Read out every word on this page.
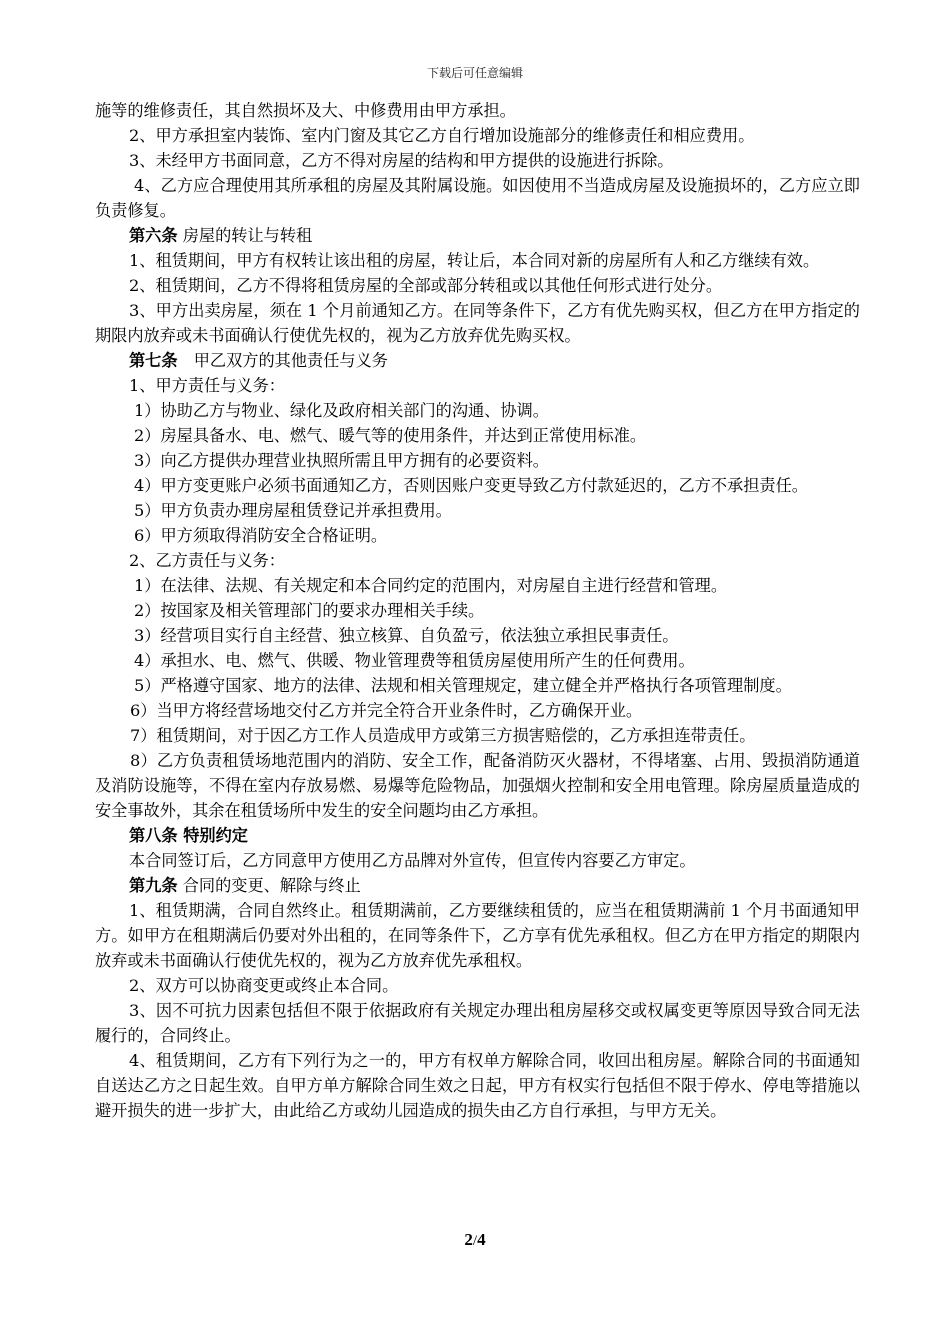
下载后可任意编辑

施等的维修责任，其自然损坏及大、中修费用由甲方承担。

2、甲方承担室内装饰、室内门窗及其它乙方自行增加设施部分的维修责任和相应费用。

3、未经甲方书面同意，乙方不得对房屋的结构和甲方提供的设施进行拆除。

4、乙方应合理使用其所承租的房屋及其附属设施。如因使用不当造成房屋及设施损坏的，乙方应立即负责修复。

第六条 房屋的转让与转租

1、租赁期间，甲方有权转让该出租的房屋，转让后，本合同对新的房屋所有人和乙方继续有效。

2、租赁期间，乙方不得将租赁房屋的全部或部分转租或以其他任何形式进行处分。

3、甲方出卖房屋，须在 1 个月前通知乙方。在同等条件下，乙方有优先购买权，但乙方在甲方指定的期限内放弃或未书面确认行使优先权的，视为乙方放弃优先购买权。

第七条　甲乙双方的其他责任与义务

1、甲方责任与义务：

1）协助乙方与物业、绿化及政府相关部门的沟通、协调。

2）房屋具备水、电、燃气、暖气等的使用条件，并达到正常使用标准。

3）向乙方提供办理营业执照所需且甲方拥有的必要资料。

4）甲方变更账户必须书面通知乙方，否则因账户变更导致乙方付款延迟的，乙方不承担责任。

5）甲方负责办理房屋租赁登记并承担费用。

6）甲方须取得消防安全合格证明。

2、乙方责任与义务：

1）在法律、法规、有关规定和本合同约定的范围内，对房屋自主进行经营和管理。

2）按国家及相关管理部门的要求办理相关手续。

3）经营项目实行自主经营、独立核算、自负盈亏，依法独立承担民事责任。

4）承担水、电、燃气、供暖、物业管理费等租赁房屋使用所产生的任何费用。

5）严格遵守国家、地方的法律、法规和相关管理规定，建立健全并严格执行各项管理制度。

6）当甲方将经营场地交付乙方并完全符合开业条件时，乙方确保开业。

7）租赁期间，对于因乙方工作人员造成甲方或第三方损害赔偿的，乙方承担连带责任。

8）乙方负责租赁场地范围内的消防、安全工作，配备消防灭火器材，不得堵塞、占用、毁损消防通道及消防设施等，不得在室内存放易燃、易爆等危险物品，加强烟火控制和安全用电管理。除房屋质量造成的安全事故外，其余在租赁场所中发生的安全问题均由乙方承担。

第八条 特别约定

本合同签订后，乙方同意甲方使用乙方品牌对外宣传，但宣传内容要乙方审定。

第九条 合同的变更、解除与终止

1、租赁期满，合同自然终止。租赁期满前，乙方要继续租赁的，应当在租赁期满前 1 个月书面通知甲方。如甲方在租期满后仍要对外出租的，在同等条件下，乙方享有优先承租权。但乙方在甲方指定的期限内放弃或未书面确认行使优先权的，视为乙方放弃优先承租权。

2、双方可以协商变更或终止本合同。

3、因不可抗力因素包括但不限于依据政府有关规定办理出租房屋移交或权属变更等原因导致合同无法履行的，合同终止。

4、租赁期间，乙方有下列行为之一的，甲方有权单方解除合同，收回出租房屋。解除合同的书面通知自送达乙方之日起生效。自甲方单方解除合同生效之日起，甲方有权实行包括但不限于停水、停电等措施以避开损失的进一步扩大，由此给乙方或幼儿园造成的损失由乙方自行承担，与甲方无关。

2/4
